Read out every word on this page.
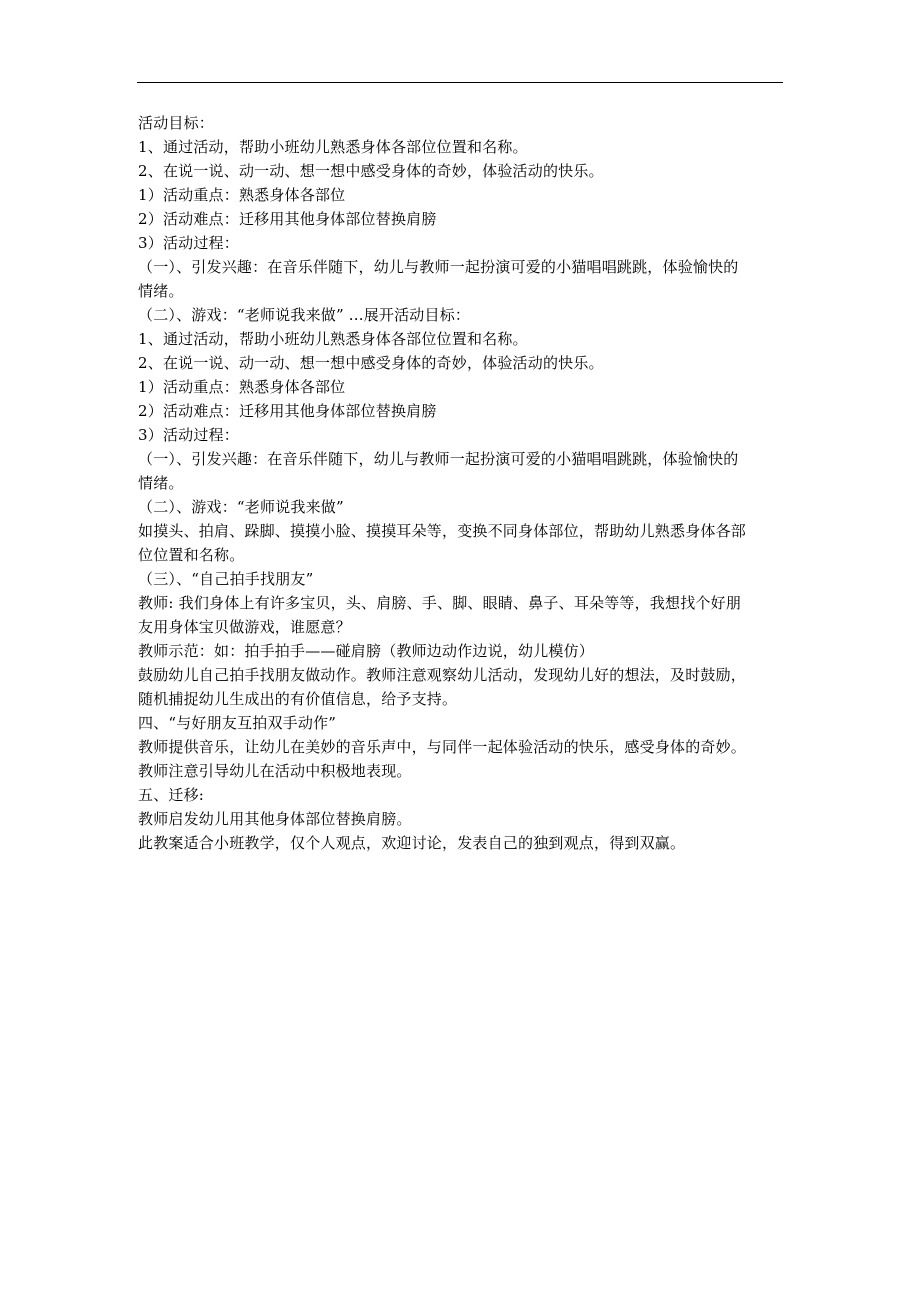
活动目标：
1、通过活动，帮助小班幼儿熟悉身体各部位位置和名称。
2、在说一说、动一动、想一想中感受身体的奇妙，体验活动的快乐。
1）活动重点：熟悉身体各部位
2）活动难点：迁移用其他身体部位替换肩膀
3）活动过程：
（一）、引发兴趣：在音乐伴随下，幼儿与教师一起扮演可爱的小猫唱唱跳跳，体验愉快的
情绪。
（二）、游戏：“老师说我来做” ...展开活动目标：
1、通过活动，帮助小班幼儿熟悉身体各部位位置和名称。
2、在说一说、动一动、想一想中感受身体的奇妙，体验活动的快乐。
1）活动重点：熟悉身体各部位
2）活动难点：迁移用其他身体部位替换肩膀
3）活动过程：
（一）、引发兴趣：在音乐伴随下，幼儿与教师一起扮演可爱的小猫唱唱跳跳，体验愉快的
情绪。
（二）、游戏：“老师说我来做”
如摸头、拍肩、跺脚、摸摸小脸、摸摸耳朵等，变换不同身体部位，帮助幼儿熟悉身体各部
位位置和名称。
（三）、“自己拍手找朋友”
教师: 我们身体上有许多宝贝，头、肩膀、手、脚、眼睛、鼻子、耳朵等等，我想找个好朋
友用身体宝贝做游戏，谁愿意？
教师示范：如：拍手拍手——碰肩膀（教师边动作边说，幼儿模仿）
鼓励幼儿自己拍手找朋友做动作。教师注意观察幼儿活动，发现幼儿好的想法，及时鼓励，
随机捕捉幼儿生成出的有价值信息，给予支持。
四、“与好朋友互拍双手动作”
教师提供音乐，让幼儿在美妙的音乐声中，与同伴一起体验活动的快乐，感受身体的奇妙。
教师注意引导幼儿在活动中积极地表现。
五、迁移:
教师启发幼儿用其他身体部位替换肩膀。
此教案适合小班教学，仅个人观点，欢迎讨论，发表自己的独到观点，得到双赢。
